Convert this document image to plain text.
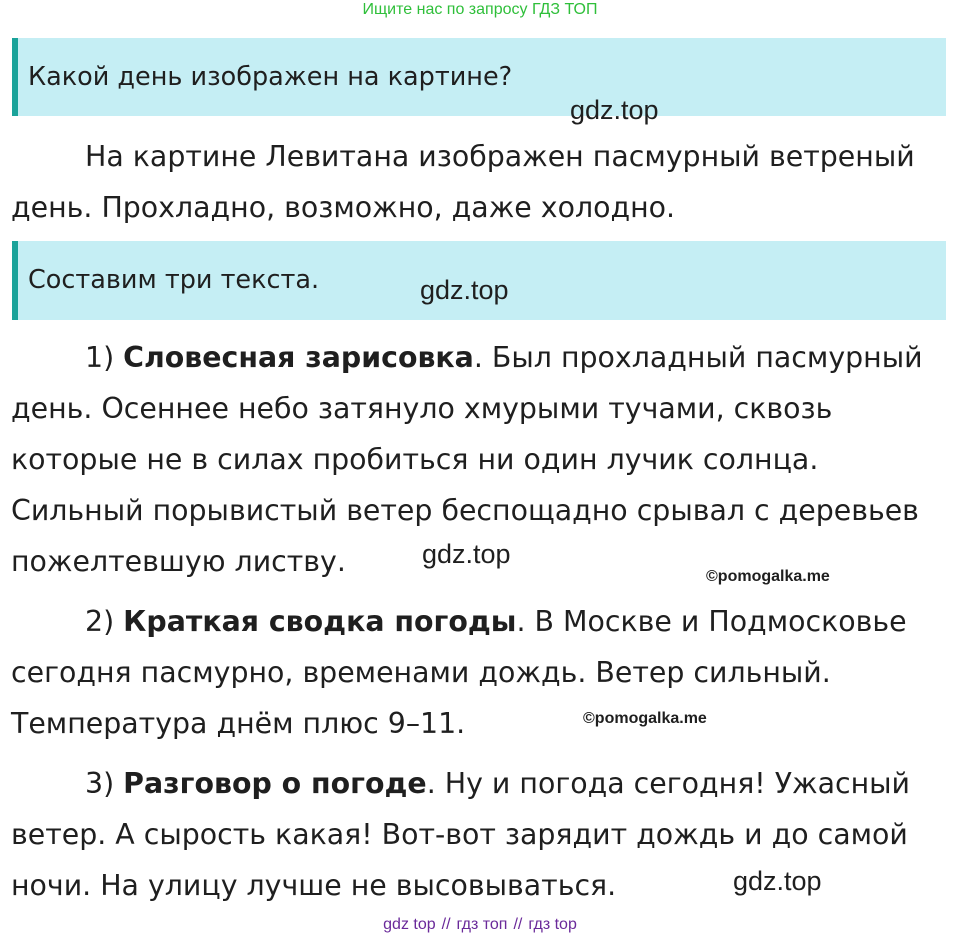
Ищите нас по запросу ГДЗ ТОП
Какой день изображен на картине?
gdz.top

На картине Левитана изображен пасмурный ветреный день. Прохладно, возможно, даже холодно.

Составим три текста.	gdz.top

1) Словесная зарисовка. Был прохладный пасмурный день. Осеннее небо затянуло хмурыми тучами, сквозь которые не в силах пробиться ни один лучик солнца. Сильный порывистый ветер беспощадно срывал с деревьев пожелтевшую листву.	gdz.top
©pomogalka.me

2) Краткая сводка погоды. В Москве и Подмосковье сегодня пасмурно, временами дождь. Ветер сильный. Температура днём плюс 9–11.	©pomogalka.me

3) Разговор о погоде. Ну и погода сегодня! Ужасный ветер. А сырость какая! Вот-вот зарядит дождь и до самой ночи. На улицу лучше не высовываться.	gdz.top
gdz top // гдз топ // гдз top
